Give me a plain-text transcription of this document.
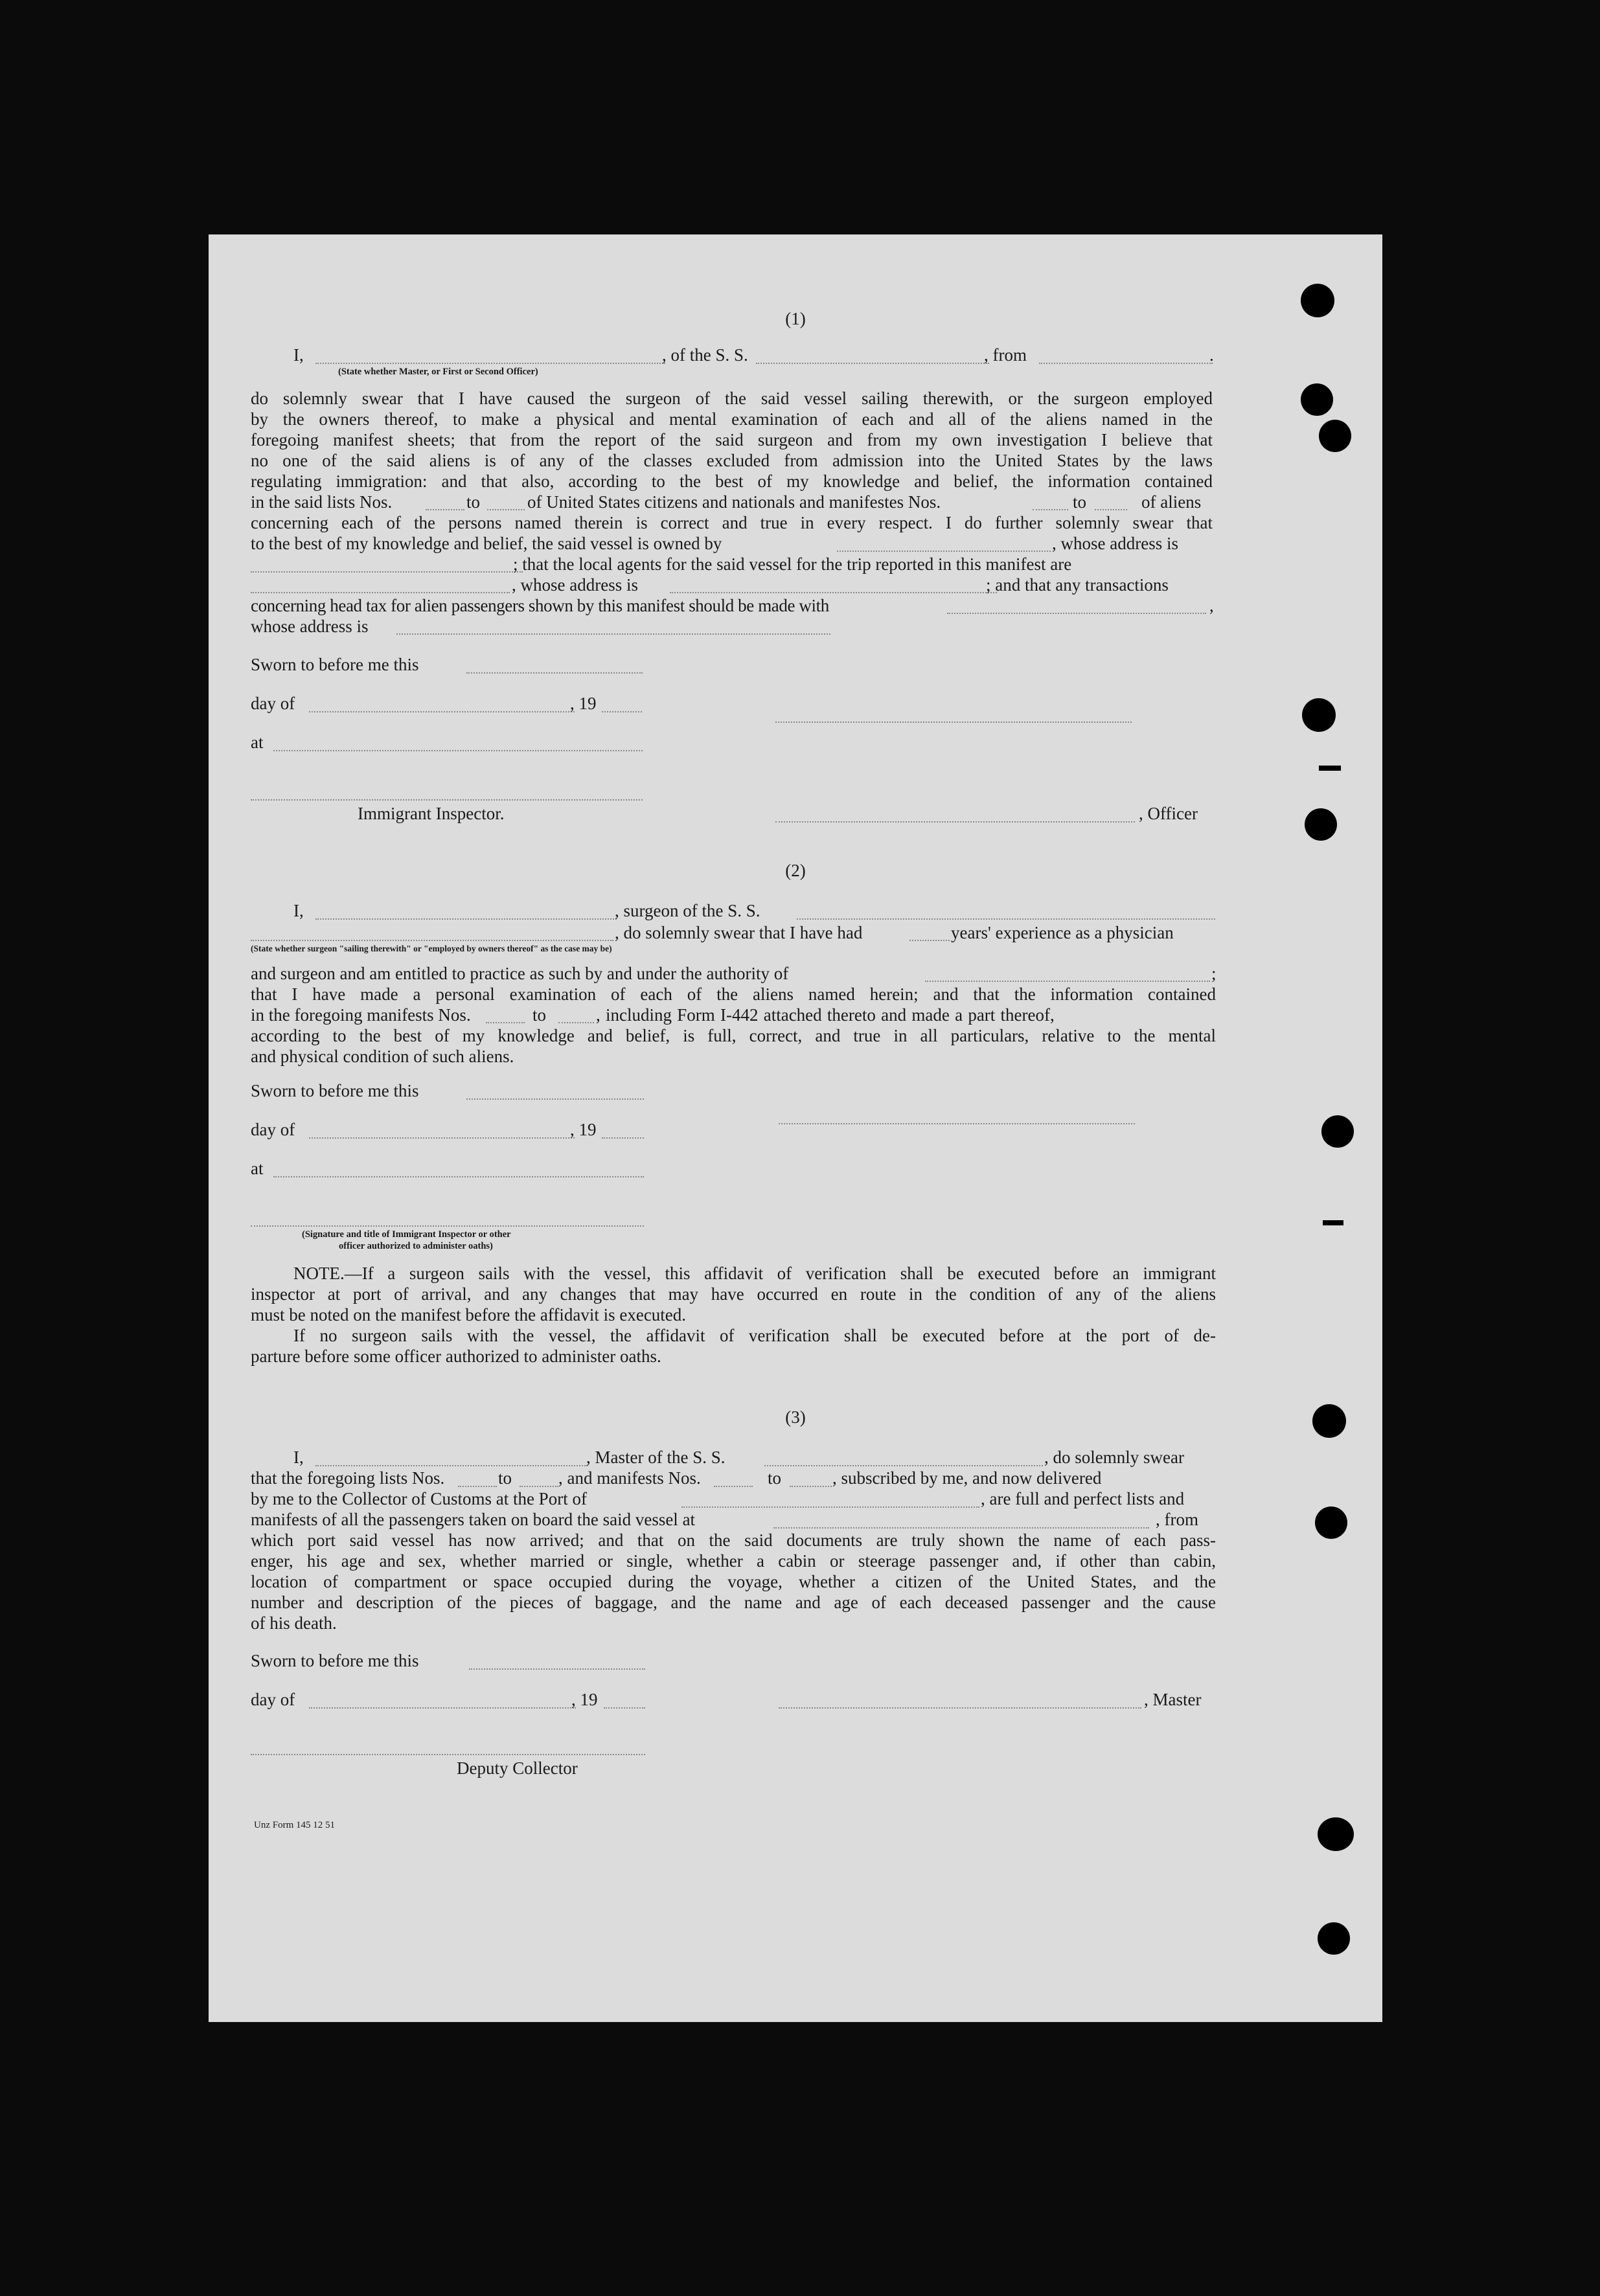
(1)
I,	, of the S. S.	, from	.
(State whether Master, or First or Second Officer)
do solemnly swear that I have caused the surgeon of the said vessel sailing therewith, or the surgeon employed
by the owners thereof, to make a physical and mental examination of each and all of the aliens named in the
foregoing manifest sheets; that from the report of the said surgeon and from my own investigation I believe that
no one of the said aliens is of any of the classes excluded from admission into the United States by the laws
regulating immigration: and that also, according to the best of my knowledge and belief, the information contained
in the said lists Nos.	to	of United States citizens and nationals and manifestes Nos.	to	of aliens
concerning each of the persons named therein is correct and true in every respect. I do further solemnly swear that
to the best of my knowledge and belief, the said vessel is owned by	, whose address is
; that the local agents for the said vessel for the trip reported in this manifest are
, whose address is	; and that any transactions
concerning head tax for alien passengers shown by this manifest should be made with	,
whose address is
Sworn to before me this
day of	, 19
at
Immigrant Inspector.	, Officer
(2)
I,	, surgeon of the S. S.
, do solemnly swear that I have had	years' experience as a physician
(State whether surgeon "sailing therewith" or "employed by owners thereof" as the case may be)
and surgeon and am entitled to practice as such by and under the authority of	;
that I have made a personal examination of each of the aliens named herein; and that the information contained
in the foregoing manifests Nos.	to	, including Form I-442 attached thereto and made a part thereof,
according to the best of my knowledge and belief, is full, correct, and true in all particulars, relative to the mental
and physical condition of such aliens.
Sworn to before me this
day of	, 19
at
(Signature and title of Immigrant Inspector or other
officer authorized to administer oaths)
NOTE.—If a surgeon sails with the vessel, this affidavit of verification shall be executed before an immigrant
inspector at port of arrival, and any changes that may have occurred en route in the condition of any of the aliens
must be noted on the manifest before the affidavit is executed.
If no surgeon sails with the vessel, the affidavit of verification shall be executed before at the port of de-
parture before some officer authorized to administer oaths.
(3)
I,	, Master of the S. S.	, do solemnly swear
that the foregoing lists Nos.	to	, and manifests Nos.	to	, subscribed by me, and now delivered
by me to the Collector of Customs at the Port of	, are full and perfect lists and
manifests of all the passengers taken on board the said vessel at	, from
which port said vessel has now arrived; and that on the said documents are truly shown the name of each pass-
enger, his age and sex, whether married or single, whether a cabin or steerage passenger and, if other than cabin,
location of compartment or space occupied during the voyage, whether a citizen of the United States, and the
number and description of the pieces of baggage, and the name and age of each deceased passenger and the cause
of his death.
Sworn to before me this
day of	, 19	, Master
Deputy Collector
Unz Form 145 12 51
